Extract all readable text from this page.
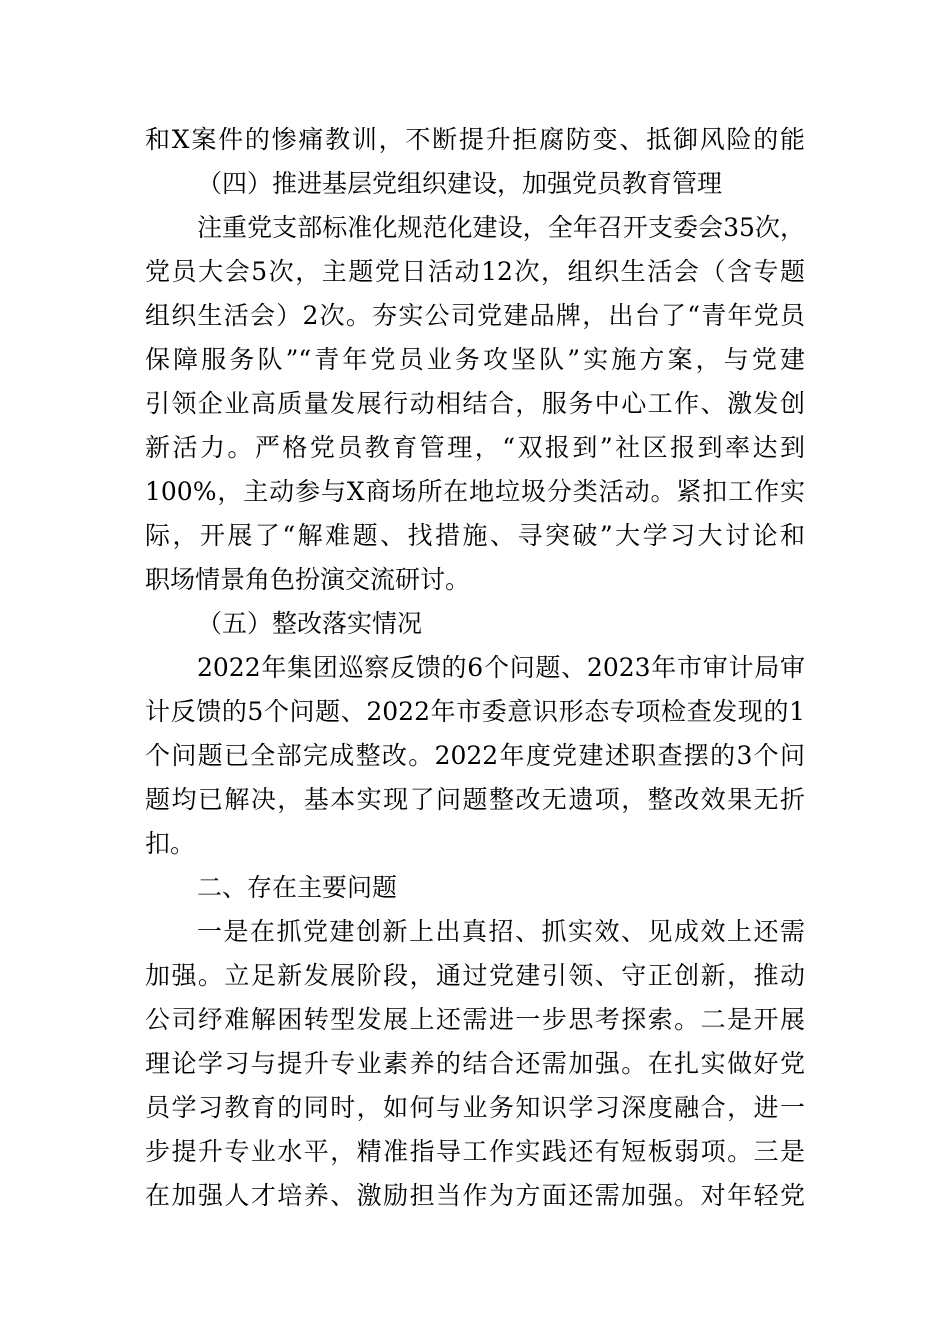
和X案件的惨痛教训，不断提升拒腐防变、抵御风险的能
（四）推进基层党组织建设，加强党员教育管理
注重党支部标准化规范化建设，全年召开支委会35次，
党员大会5次，主题党日活动12次，组织生活会（含专题
组织生活会）2次。夯实公司党建品牌，出台了“青年党员
保障服务队”“青年党员业务攻坚队”实施方案，与党建
引领企业高质量发展行动相结合，服务中心工作、激发创
新活力。严格党员教育管理，“双报到”社区报到率达到
100%，主动参与X商场所在地垃圾分类活动。紧扣工作实
际，开展了“解难题、找措施、寻突破”大学习大讨论和
职场情景角色扮演交流研讨。
（五）整改落实情况
2022年集团巡察反馈的6个问题、2023年市审计局审
计反馈的5个问题、2022年市委意识形态专项检查发现的1
个问题已全部完成整改。2022年度党建述职查摆的3个问
题均已解决，基本实现了问题整改无遗项，整改效果无折
扣。
二、存在主要问题
一是在抓党建创新上出真招、抓实效、见成效上还需
加强。立足新发展阶段，通过党建引领、守正创新，推动
公司纾难解困转型发展上还需进一步思考探索。二是开展
理论学习与提升专业素养的结合还需加强。在扎实做好党
员学习教育的同时，如何与业务知识学习深度融合，进一
步提升专业水平，精准指导工作实践还有短板弱项。三是
在加强人才培养、激励担当作为方面还需加强。对年轻党
